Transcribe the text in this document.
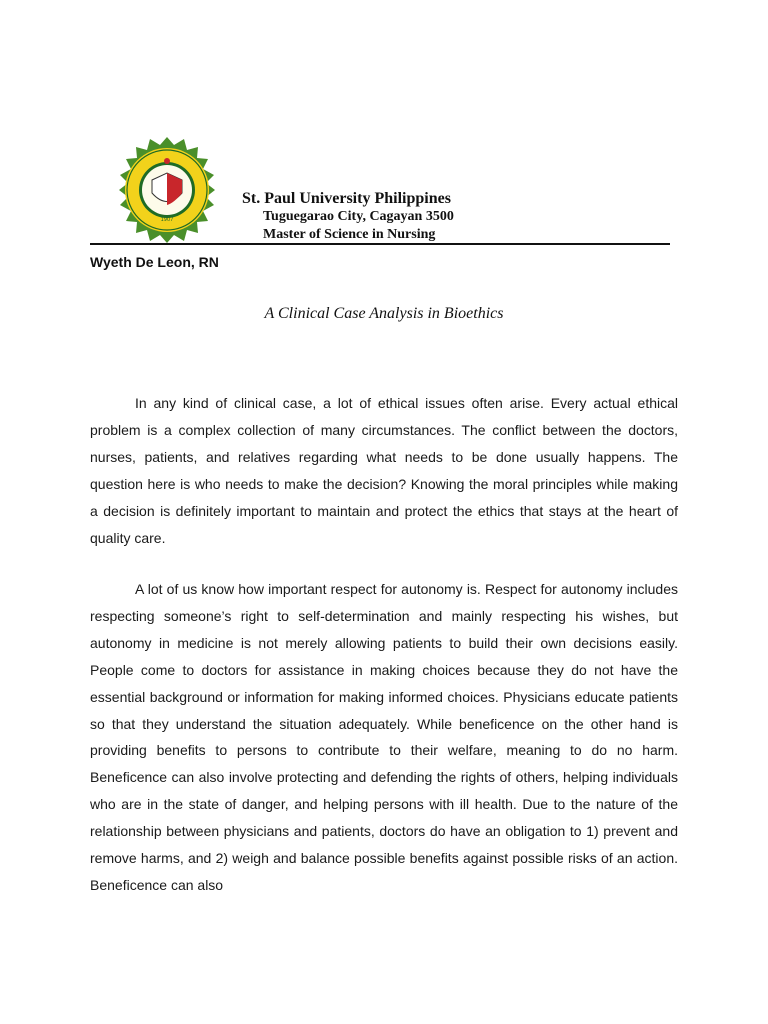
1907
St. Paul University Philippines
Tuguegarao City, Cagayan 3500
Master of Science in Nursing
Wyeth De Leon, RN
A Clinical Case Analysis in Bioethics

In any kind of clinical case, a lot of ethical issues often arise. Every actual ethical problem is a complex collection of many circumstances. The conflict between the doctors, nurses, patients, and relatives regarding what needs to be done usually happens. The question here is who needs to make the decision? Knowing the moral principles while making a decision is definitely important to maintain and protect the ethics that stays at the heart of quality care.

A lot of us know how important respect for autonomy is. Respect for autonomy includes respecting someone’s right to self-determination and mainly respecting his wishes, but autonomy in medicine is not merely allowing patients to build their own decisions easily. People come to doctors for assistance in making choices because they do not have the essential background or information for making informed choices. Physicians educate patients so that they understand the situation adequately. While beneficence on the other hand is providing benefits to persons to contribute to their welfare, meaning to do no harm. Beneficence can also involve protecting and defending the rights of others, helping individuals who are in the state of danger, and helping persons with ill health. Due to the nature of the relationship between physicians and patients, doctors do have an obligation to 1) prevent and remove harms, and 2) weigh and balance possible benefits against possible risks of an action. Beneficence can also
